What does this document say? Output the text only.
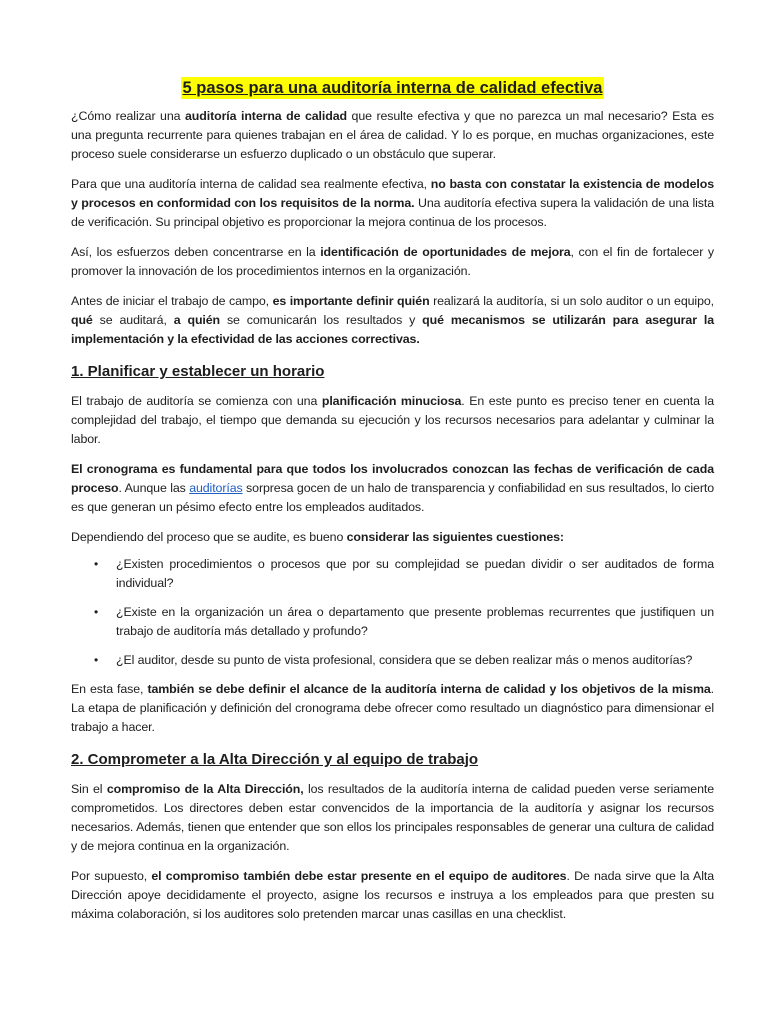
5 pasos para una auditoría interna de calidad efectiva

¿Cómo realizar una auditoría interna de calidad que resulte efectiva y que no parezca un mal necesario? Esta es una pregunta recurrente para quienes trabajan en el área de calidad. Y lo es porque, en muchas organizaciones, este proceso suele considerarse un esfuerzo duplicado o un obstáculo que superar.

Para que una auditoría interna de calidad sea realmente efectiva, no basta con constatar la existencia de modelos y procesos en conformidad con los requisitos de la norma. Una auditoría efectiva supera la validación de una lista de verificación. Su principal objetivo es proporcionar la mejora continua de los procesos.

Así, los esfuerzos deben concentrarse en la identificación de oportunidades de mejora, con el fin de fortalecer y promover la innovación de los procedimientos internos en la organización.

Antes de iniciar el trabajo de campo, es importante definir quién realizará la auditoría, si un solo auditor o un equipo, qué se auditará, a quién se comunicarán los resultados y qué mecanismos se utilizarán para asegurar la implementación y la efectividad de las acciones correctivas.

1. Planificar y establecer un horario

El trabajo de auditoría se comienza con una planificación minuciosa. En este punto es preciso tener en cuenta la complejidad del trabajo, el tiempo que demanda su ejecución y los recursos necesarios para adelantar y culminar la labor.

El cronograma es fundamental para que todos los involucrados conozcan las fechas de verificación de cada proceso. Aunque las auditorías sorpresa gocen de un halo de transparencia y confiabilidad en sus resultados, lo cierto es que generan un pésimo efecto entre los empleados auditados.

Dependiendo del proceso que se audite, es bueno considerar las siguientes cuestiones:

• ¿Existen procedimientos o procesos que por su complejidad se puedan dividir o ser auditados de forma individual?

• ¿Existe en la organización un área o departamento que presente problemas recurrentes que justifiquen un trabajo de auditoría más detallado y profundo?

• ¿El auditor, desde su punto de vista profesional, considera que se deben realizar más o menos auditorías?

En esta fase, también se debe definir el alcance de la auditoría interna de calidad y los objetivos de la misma. La etapa de planificación y definición del cronograma debe ofrecer como resultado un diagnóstico para dimensionar el trabajo a hacer.

2. Comprometer a la Alta Dirección y al equipo de trabajo

Sin el compromiso de la Alta Dirección, los resultados de la auditoría interna de calidad pueden verse seriamente comprometidos. Los directores deben estar convencidos de la importancia de la auditoría y asignar los recursos necesarios. Además, tienen que entender que son ellos los principales responsables de generar una cultura de calidad y de mejora continua en la organización.

Por supuesto, el compromiso también debe estar presente en el equipo de auditores. De nada sirve que la Alta Dirección apoye decididamente el proyecto, asigne los recursos e instruya a los empleados para que presten su máxima colaboración, si los auditores solo pretenden marcar unas casillas en una checklist.
